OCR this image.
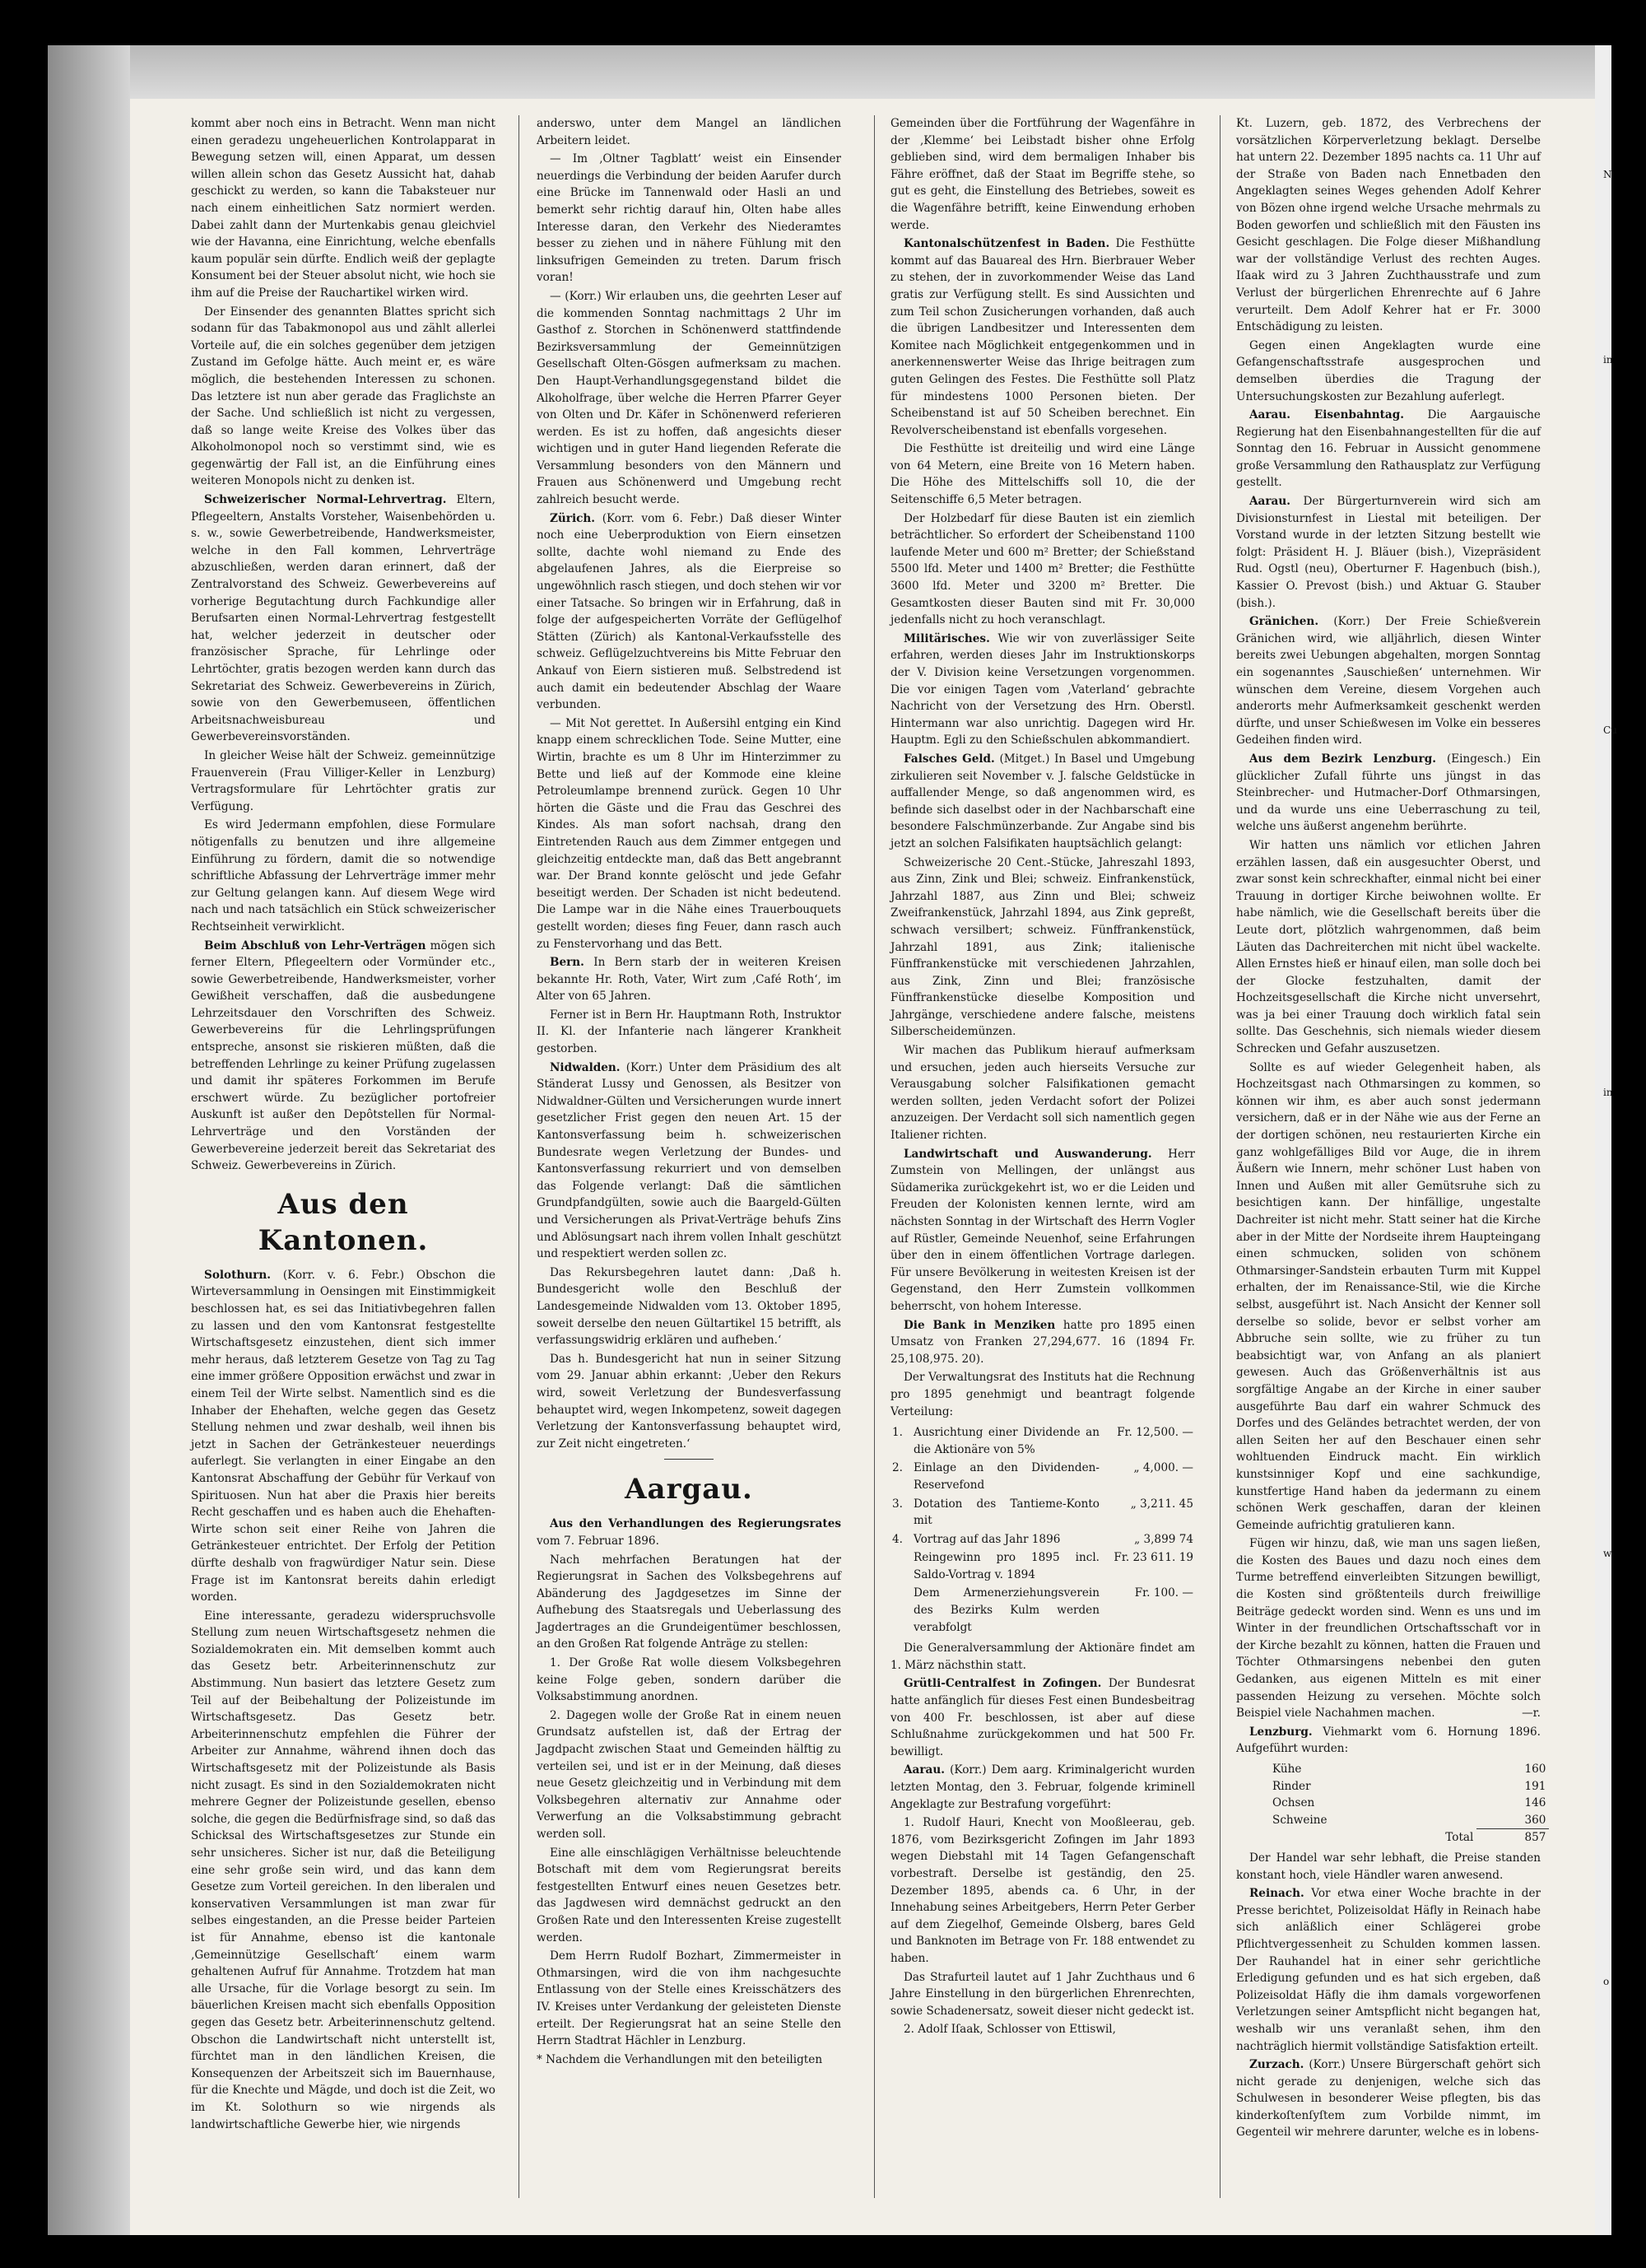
kommt aber noch eins in Betracht. Wenn man nicht einen geradezu ungeheuerlichen Kontrolapparat in Bewegung setzen will, einen Apparat, um dessen willen allein schon das Gesetz Aussicht hat, dahab geschickt zu werden, so kann die Tabaksteuer nur nach einem einheitlichen Satz normiert werden. Dabei zahlt dann der Murtenkabis genau gleichviel wie der Havanna, eine Einrichtung, welche ebenfalls kaum populär sein dürfte. Endlich weiß der geplagte Konsument bei der Steuer absolut nicht, wie hoch sie ihm auf die Preise der Rauchartikel wirken wird.

Der Einsender des genannten Blattes spricht sich sodann für das Tabakmonopol aus und zählt allerlei Vorteile auf, die ein solches gegenüber dem jetzigen Zustand im Gefolge hätte. Auch meint er, es wäre möglich, die bestehenden Interessen zu schonen. Das letztere ist nun aber gerade das Fraglichste an der Sache. Und schließlich ist nicht zu vergessen, daß so lange weite Kreise des Volkes über das Alkoholmonopol noch so verstimmt sind, wie es gegenwärtig der Fall ist, an die Einführung eines weiteren Monopols nicht zu denken ist.

Schweizerischer Normal-Lehrvertrag. Eltern, Pflegeeltern, Anstalts Vorsteher, Waisenbehörden u. s. w., sowie Gewerbetreibende, Handwerksmeister, welche in den Fall kommen, Lehrverträge abzuschließen, werden daran erinnert, daß der Zentralvorstand des Schweiz. Gewerbevereins auf vorherige Begutachtung durch Fachkundige aller Berufsarten einen Normal-Lehrvertrag festgestellt hat, welcher jederzeit in deutscher oder französischer Sprache, für Lehrlinge oder Lehrtöchter, gratis bezogen werden kann durch das Sekretariat des Schweiz. Gewerbevereins in Zürich, sowie von den Gewerbemuseen, öffentlichen Arbeitsnachweisbureau und Gewerbevereinsvorständen.

In gleicher Weise hält der Schweiz. gemeinnützige Frauenverein (Frau Villiger-Keller in Lenzburg) Vertragsformulare für Lehrtöchter gratis zur Verfügung.

Es wird Jedermann empfohlen, diese Formulare nötigenfalls zu benutzen und ihre allgemeine Einführung zu fördern, damit die so notwendige schriftliche Abfassung der Lehrverträge immer mehr zur Geltung gelangen kann. Auf diesem Wege wird nach und nach tatsächlich ein Stück schweizerischer Rechtseinheit verwirklicht.

Beim Abschluß von Lehr-Verträgen mögen sich ferner Eltern, Pflegeeltern oder Vormünder etc., sowie Gewerbetreibende, Handwerksmeister, vorher Gewißheit verschaffen, daß die ausbedungene Lehrzeitsdauer den Vorschriften des Schweiz. Gewerbevereins für die Lehrlingsprüfungen entspreche, ansonst sie riskieren müßten, daß die betreffenden Lehrlinge zu keiner Prüfung zugelassen und damit ihr späteres Forkommen im Berufe erschwert würde. Zu bezüglicher portofreier Auskunft ist außer den Depôtstellen für Normal-Lehrverträge und den Vorständen der Gewerbevereine jederzeit bereit das Sekretariat des Schweiz. Gewerbevereins in Zürich.

Aus den Kantonen.

Solothurn. (Korr. v. 6. Febr.) Obschon die Wirteversammlung in Oensingen mit Einstimmigkeit beschlossen hat, es sei das Initiativbegehren fallen zu lassen und den vom Kantonsrat festgestellte Wirtschaftsgesetz einzustehen, dient sich immer mehr heraus, daß letzterem Gesetze von Tag zu Tag eine immer größere Opposition erwächst und zwar in einem Teil der Wirte selbst. Namentlich sind es die Inhaber der Ehehaften, welche gegen das Gesetz Stellung nehmen und zwar deshalb, weil ihnen bis jetzt in Sachen der Getränkesteuer neuerdings auferlegt. Sie verlangten in einer Eingabe an den Kantonsrat Abschaffung der Gebühr für Verkauf von Spirituosen. Nun hat aber die Praxis hier bereits Recht geschaffen und es haben auch die Ehehaften-Wirte schon seit einer Reihe von Jahren die Getränkesteuer entrichtet. Der Erfolg der Petition dürfte deshalb von fragwürdiger Natur sein. Diese Frage ist im Kantonsrat bereits dahin erledigt worden.

Eine interessante, geradezu widerspruchsvolle Stellung zum neuen Wirtschaftsgesetz nehmen die Sozialdemokraten ein. Mit demselben kommt auch das Gesetz betr. Arbeiterinnenschutz zur Abstimmung. Nun basiert das letztere Gesetz zum Teil auf der Beibehaltung der Polizeistunde im Wirtschaftsgesetz. Das Gesetz betr. Arbeiterinnenschutz empfehlen die Führer der Arbeiter zur Annahme, während ihnen doch das Wirtschaftsgesetz mit der Polizeistunde als Basis nicht zusagt. Es sind in den Sozialdemokraten nicht mehrere Gegner der Polizeistunde gesellen, ebenso solche, die gegen die Bedürfnisfrage sind, so daß das Schicksal des Wirtschaftsgesetzes zur Stunde ein sehr unsicheres. Sicher ist nur, daß die Beteiligung eine sehr große sein wird, und das kann dem Gesetze zum Vorteil gereichen. In den liberalen und konservativen Versammlungen ist man zwar für selbes eingestanden, an die Presse beider Parteien ist für Annahme, ebenso ist die kantonale ‚Gemeinnützige Gesellschaft‘ einem warm gehaltenen Aufruf für Annahme. Trotzdem hat man alle Ursache, für die Vorlage besorgt zu sein. Im bäuerlichen Kreisen macht sich ebenfalls Opposition gegen das Gesetz betr. Arbeiterinnenschutz geltend. Obschon die Landwirtschaft nicht unterstellt ist, fürchtet man in den ländlichen Kreisen, die Konsequenzen der Arbeitszeit sich im Bauernhause, für die Knechte und Mägde, und doch ist die Zeit, wo im Kt. Solothurn so wie nirgends als landwirtschaftliche Gewerbe hier, wie nirgends

anderswo, unter dem Mangel an ländlichen Arbeitern leidet.

— Im ‚Oltner Tagblatt‘ weist ein Einsender neuerdings die Verbindung der beiden Aarufer durch eine Brücke im Tannenwald oder Hasli an und bemerkt sehr richtig darauf hin, Olten habe alles Interesse daran, den Verkehr des Niederamtes besser zu ziehen und in nähere Fühlung mit den linksufrigen Gemeinden zu treten. Darum frisch voran!

— (Korr.) Wir erlauben uns, die geehrten Leser auf die kommenden Sonntag nachmittags 2 Uhr im Gasthof z. Storchen in Schönenwerd stattfindende Bezirksversammlung der Gemeinnützigen Gesellschaft Olten-Gösgen aufmerksam zu machen. Den Haupt-Verhandlungsgegenstand bildet die Alkoholfrage, über welche die Herren Pfarrer Geyer von Olten und Dr. Käfer in Schönenwerd referieren werden. Es ist zu hoffen, daß angesichts dieser wichtigen und in guter Hand liegenden Referate die Versammlung besonders von den Männern und Frauen aus Schönenwerd und Umgebung recht zahlreich besucht werde.

Zürich. (Korr. vom 6. Febr.) Daß dieser Winter noch eine Ueberproduktion von Eiern einsetzen sollte, dachte wohl niemand zu Ende des abgelaufenen Jahres, als die Eierpreise so ungewöhnlich rasch stiegen, und doch stehen wir vor einer Tatsache. So bringen wir in Erfahrung, daß in folge der aufgespeicherten Vorräte der Geflügelhof Stätten (Zürich) als Kantonal-Verkaufsstelle des schweiz. Geflügelzuchtvereins bis Mitte Februar den Ankauf von Eiern sistieren muß. Selbstredend ist auch damit ein bedeutender Abschlag der Waare verbunden.

— Mit Not gerettet. In Außersihl entging ein Kind knapp einem schrecklichen Tode. Seine Mutter, eine Wirtin, brachte es um 8 Uhr im Hinterzimmer zu Bette und ließ auf der Kommode eine kleine Petroleumlampe brennend zurück. Gegen 10 Uhr hörten die Gäste und die Frau das Geschrei des Kindes. Als man sofort nachsah, drang den Eintretenden Rauch aus dem Zimmer entgegen und gleichzeitig entdeckte man, daß das Bett angebrannt war. Der Brand konnte gelöscht und jede Gefahr beseitigt werden. Der Schaden ist nicht bedeutend. Die Lampe war in die Nähe eines Trauerbouquets gestellt worden; dieses fing Feuer, dann rasch auch zu Fenstervorhang und das Bett.

Bern. In Bern starb der in weiteren Kreisen bekannte Hr. Roth, Vater, Wirt zum ‚Café Roth‘, im Alter von 65 Jahren.

Ferner ist in Bern Hr. Hauptmann Roth, Instruktor II. Kl. der Infanterie nach längerer Krankheit gestorben.

Nidwalden. (Korr.) Unter dem Präsidium des alt Ständerat Lussy und Genossen, als Besitzer von Nidwaldner-Gülten und Versicherungen wurde innert gesetzlicher Frist gegen den neuen Art. 15 der Kantonsverfassung beim h. schweizerischen Bundesrate wegen Verletzung der Bundes- und Kantonsverfassung rekurriert und von demselben das Folgende verlangt: Daß die sämtlichen Grundpfandgülten, sowie auch die Baargeld-Gülten und Versicherungen als Privat-Verträge behufs Zins und Ablösungsart nach ihrem vollen Inhalt geschützt und respektiert werden sollen zc.

Das Rekursbegehren lautet dann: ‚Daß h. Bundesgericht wolle den Beschluß der Landesgemeinde Nidwalden vom 13. Oktober 1895, soweit derselbe den neuen Gültartikel 15 betrifft, als verfassungswidrig erklären und aufheben.‘

Das h. Bundesgericht hat nun in seiner Sitzung vom 29. Januar abhin erkannt: ‚Ueber den Rekurs wird, soweit Verletzung der Bundesverfassung behauptet wird, wegen Inkompetenz, soweit dagegen Verletzung der Kantonsverfassung behauptet wird, zur Zeit nicht eingetreten.‘

Aargau.

Aus den Verhandlungen des Regierungsrates vom 7. Februar 1896.

Nach mehrfachen Beratungen hat der Regierungsrat in Sachen des Volksbegehrens auf Abänderung des Jagdgesetzes im Sinne der Aufhebung des Staatsregals und Ueberlassung des Jagdertrages an die Grundeigentümer beschlossen, an den Großen Rat folgende Anträge zu stellen:

1. Der Große Rat wolle diesem Volksbegehren keine Folge geben, sondern darüber die Volksabstimmung anordnen.

2. Dagegen wolle der Große Rat in einem neuen Grundsatz aufstellen ist, daß der Ertrag der Jagdpacht zwischen Staat und Gemeinden hälftig zu verteilen sei, und ist er in der Meinung, daß dieses neue Gesetz gleichzeitig und in Verbindung mit dem Volksbegehren alternativ zur Annahme oder Verwerfung an die Volksabstimmung gebracht werden soll.

Eine alle einschlägigen Verhältnisse beleuchtende Botschaft mit dem vom Regierungsrat bereits festgestellten Entwurf eines neuen Gesetzes betr. das Jagdwesen wird demnächst gedruckt an den Großen Rate und den Interessenten Kreise zugestellt werden.

Dem Herrn Rudolf Bozhart, Zimmermeister in Othmarsingen, wird die von ihm nachgesuchte Entlassung von der Stelle eines Kreisschätzers des IV. Kreises unter Verdankung der geleisteten Dienste erteilt. Der Regierungsrat hat an seine Stelle den Herrn Stadtrat Hächler in Lenzburg.

* Nachdem die Verhandlungen mit den beteiligten

Gemeinden über die Fortführung der Wagenfähre in der ‚Klemme‘ bei Leibstadt bisher ohne Erfolg geblieben sind, wird dem bermaligen Inhaber bis Fähre eröffnet, daß der Staat im Begriffe stehe, so gut es geht, die Einstellung des Betriebes, soweit es die Wagenfähre betrifft, keine Einwendung erhoben werde.

Kantonalschützenfest in Baden. Die Festhütte kommt auf das Bauareal des Hrn. Bierbrauer Weber zu stehen, der in zuvorkommender Weise das Land gratis zur Verfügung stellt. Es sind Aussichten und zum Teil schon Zusicherungen vorhanden, daß auch die übrigen Landbesitzer und Interessenten dem Komitee nach Möglichkeit entgegenkommen und in anerkennenswerter Weise das Ihrige beitragen zum guten Gelingen des Festes. Die Festhütte soll Platz für mindestens 1000 Personen bieten. Der Scheibenstand ist auf 50 Scheiben berechnet. Ein Revolverscheibenstand ist ebenfalls vorgesehen.

Die Festhütte ist dreiteilig und wird eine Länge von 64 Metern, eine Breite von 16 Metern haben. Die Höhe des Mittelschiffs soll 10, die der Seitenschiffe 6,5 Meter betragen.

Der Holzbedarf für diese Bauten ist ein ziemlich beträchtlicher. So erfordert der Scheibenstand 1100 laufende Meter und 600 m² Bretter; der Schießstand 5500 lfd. Meter und 1400 m² Bretter; die Festhütte 3600 lfd. Meter und 3200 m² Bretter. Die Gesamtkosten dieser Bauten sind mit Fr. 30,000 jedenfalls nicht zu hoch veranschlagt.

Militärisches. Wie wir von zuverlässiger Seite erfahren, werden dieses Jahr im Instruktionskorps der V. Division keine Versetzungen vorgenommen. Die vor einigen Tagen vom ‚Vaterland‘ gebrachte Nachricht von der Versetzung des Hrn. Oberstl. Hintermann war also unrichtig. Dagegen wird Hr. Hauptm. Egli zu den Schießschulen abkommandiert.

Falsches Geld. (Mitget.) In Basel und Umgebung zirkulieren seit November v. J. falsche Geldstücke in auffallender Menge, so daß angenommen wird, es befinde sich daselbst oder in der Nachbarschaft eine besondere Falschmünzerbande. Zur Angabe sind bis jetzt an solchen Falsifikaten hauptsächlich gelangt:

Schweizerische 20 Cent.-Stücke, Jahreszahl 1893, aus Zinn, Zink und Blei; schweiz. Einfrankenstück, Jahrzahl 1887, aus Zinn und Blei; schweiz Zweifrankenstück, Jahrzahl 1894, aus Zink gepreßt, schwach versilbert; schweiz. Fünffrankenstück, Jahrzahl 1891, aus Zink; italienische Fünffrankenstücke mit verschiedenen Jahrzahlen, aus Zink, Zinn und Blei; französische Fünffrankenstücke dieselbe Komposition und Jahrgänge, verschiedene andere falsche, meistens Silberscheidemünzen.

Wir machen das Publikum hierauf aufmerksam und ersuchen, jeden auch hierseits Versuche zur Verausgabung solcher Falsifikationen gemacht werden sollten, jeden Verdacht sofort der Polizei anzuzeigen. Der Verdacht soll sich namentlich gegen Italiener richten.

Landwirtschaft und Auswanderung. Herr Zumstein von Mellingen, der unlängst aus Südamerika zurückgekehrt ist, wo er die Leiden und Freuden der Kolonisten kennen lernte, wird am nächsten Sonntag in der Wirtschaft des Herrn Vogler auf Rüstler, Gemeinde Neuenhof, seine Erfahrungen über den in einem öffentlichen Vortrage darlegen. Für unsere Bevölkerung in weitesten Kreisen ist der Gegenstand, den Herr Zumstein vollkommen beherrscht, von hohem Interesse.

Die Bank in Menziken hatte pro 1895 einen Umsatz von Franken 27,294,677. 16 (1894 Fr. 25,108,975. 20).

Der Verwaltungsrat des Instituts hat die Rechnung pro 1895 genehmigt und beantragt folgende Verteilung:

1.	Ausrichtung einer Dividende an die Aktionäre von 5%	Fr. 12,500. —
2.	Einlage an den Dividenden-Reservefond	„ 4,000. —
3.	Dotation des Tantieme-Konto mit	„ 3,211. 45
4.	Vortrag auf das Jahr 1896	„ 3,899 74
	Reingewinn pro 1895 incl. Saldo-Vortrag v. 1894	Fr. 23 611. 19
	Dem Armenerziehungsverein des Bezirks Kulm werden verabfolgt	Fr. 100. —

Die Generalversammlung der Aktionäre findet am 1. März nächsthin statt.

Grütli-Centralfest in Zofingen. Der Bundesrat hatte anfänglich für dieses Fest einen Bundesbeitrag von 400 Fr. beschlossen, ist aber auf diese Schlußnahme zurückgekommen und hat 500 Fr. bewilligt.

Aarau. (Korr.) Dem aarg. Kriminalgericht wurden letzten Montag, den 3. Februar, folgende kriminell Angeklagte zur Bestrafung vorgeführt:

1. Rudolf Hauri, Knecht von Mooßleerau, geb. 1876, vom Bezirksgericht Zofingen im Jahr 1893 wegen Diebstahl mit 14 Tagen Gefangenschaft vorbestraft. Derselbe ist geständig, den 25. Dezember 1895, abends ca. 6 Uhr, in der Innehabung seines Arbeitgebers, Herrn Peter Gerber auf dem Ziegelhof, Gemeinde Olsberg, bares Geld und Banknoten im Betrage von Fr. 188 entwendet zu haben.

Das Strafurteil lautet auf 1 Jahr Zuchthaus und 6 Jahre Einstellung in den bürgerlichen Ehrenrechten, sowie Schadenersatz, soweit dieser nicht gedeckt ist.

2. Adolf Iſaak, Schlosser von Ettiswil,

Kt. Luzern, geb. 1872, des Verbrechens der vorsätzlichen Körperverletzung beklagt. Derselbe hat untern 22. Dezember 1895 nachts ca. 11 Uhr auf der Straße von Baden nach Ennetbaden den Angeklagten seines Weges gehenden Adolf Kehrer von Bözen ohne irgend welche Ursache mehrmals zu Boden geworfen und schließlich mit den Fäusten ins Gesicht geschlagen. Die Folge dieser Mißhandlung war der vollständige Verlust des rechten Auges. Iſaak wird zu 3 Jahren Zuchthausstrafe und zum Verlust der bürgerlichen Ehrenrechte auf 6 Jahre verurteilt. Dem Adolf Kehrer hat er Fr. 3000 Entschädigung zu leisten.

Gegen einen Angeklagten wurde eine Gefangenschaftsstrafe ausgesprochen und demselben überdies die Tragung der Untersuchungskosten zur Bezahlung auferlegt.

Aarau. Eisenbahntag. Die Aargauische Regierung hat den Eisenbahnangestellten für die auf Sonntag den 16. Februar in Aussicht genommene große Versammlung den Rathausplatz zur Verfügung gestellt.

Aarau. Der Bürgerturnverein wird sich am Divisionsturnfest in Liestal mit beteiligen. Der Vorstand wurde in der letzten Sitzung bestellt wie folgt: Präsident H. J. Bläuer (bish.), Vizepräsident Rud. Ogstl (neu), Oberturner F. Hagenbuch (bish.), Kassier O. Prevost (bish.) und Aktuar G. Stauber (bish.).

Gränichen. (Korr.) Der Freie Schießverein Gränichen wird, wie alljährlich, diesen Winter bereits zwei Uebungen abgehalten, morgen Sonntag ein sogenanntes ‚Sauschießen‘ unternehmen. Wir wünschen dem Vereine, diesem Vorgehen auch anderorts mehr Aufmerksamkeit geschenkt werden dürfte, und unser Schießwesen im Volke ein besseres Gedeihen finden wird.

Aus dem Bezirk Lenzburg. (Eingesch.) Ein glücklicher Zufall führte uns jüngst in das Steinbrecher- und Hutmacher-Dorf Othmarsingen, und da wurde uns eine Ueberraschung zu teil, welche uns äußerst angenehm berührte.

Wir hatten uns nämlich vor etlichen Jahren erzählen lassen, daß ein ausgesuchter Oberst, und zwar sonst kein schreckhafter, einmal nicht bei einer Trauung in dortiger Kirche beiwohnen wollte. Er habe nämlich, wie die Gesellschaft bereits über die Leute dort, plötzlich wahrgenommen, daß beim Läuten das Dachreiterchen mit nicht übel wackelte. Allen Ernstes hieß er hinauf eilen, man solle doch bei der Glocke festzuhalten, damit der Hochzeitsgesellschaft die Kirche nicht unversehrt, was ja bei einer Trauung doch wirklich fatal sein sollte. Das Geschehnis, sich niemals wieder diesem Schrecken und Gefahr auszusetzen.

Sollte es auf wieder Gelegenheit haben, als Hochzeitsgast nach Othmarsingen zu kommen, so können wir ihm, es aber auch sonst jedermann versichern, daß er in der Nähe wie aus der Ferne an der dortigen schönen, neu restaurierten Kirche ein ganz wohlgefälliges Bild vor Auge, die in ihrem Äußern wie Innern, mehr schöner Lust haben von Innen und Außen mit aller Gemütsruhe sich zu besichtigen kann. Der hinfällige, ungestalte Dachreiter ist nicht mehr. Statt seiner hat die Kirche aber in der Mitte der Nordseite ihrem Haupteingang einen schmucken, soliden von schönem Othmarsinger-Sandstein erbauten Turm mit Kuppel erhalten, der im Renaissance-Stil, wie die Kirche selbst, ausgeführt ist. Nach Ansicht der Kenner soll derselbe so solide, bevor er selbst vorher am Abbruche sein sollte, wie zu früher zu tun beabsichtigt war, von Anfang an als planiert gewesen. Auch das Größenverhältnis ist aus sorgfältige Angabe an der Kirche in einer sauber ausgeführte Bau darf ein wahrer Schmuck des Dorfes und des Geländes betrachtet werden, der von allen Seiten her auf den Beschauer einen sehr wohltuenden Eindruck macht. Ein wirklich kunstsinniger Kopf und eine sachkundige, kunstfertige Hand haben da jedermann zu einem schönen Werk geschaffen, daran der kleinen Gemeinde aufrichtig gratulieren kann.

Fügen wir hinzu, daß, wie man uns sagen ließen, die Kosten des Baues und dazu noch eines dem Turme betreffend einverleibten Sitzungen bewilligt, die Kosten sind größtenteils durch freiwillige Beiträge gedeckt worden sind. Wenn es uns und im Winter in der freundlichen Ortschaftsschaft vor in der Kirche bezahlt zu können, hatten die Frauen und Töchter Othmarsingens nebenbei den guten Gedanken, aus eigenen Mitteln es mit einer passenden Heizung zu versehen. Möchte solch Beispiel viele Nachahmen machen.	—r.

Lenzburg. Viehmarkt vom 6. Hornung 1896. Aufgeführt wurden:

Kühe	160
Rinder	191
Ochsen	146
Schweine	360
Total	857

Der Handel war sehr lebhaft, die Preise standen konstant hoch, viele Händler waren anwesend.

Reinach. Vor etwa einer Woche brachte in der Presse berichtet, Polizeisoldat Häfly in Reinach habe sich anläßlich einer Schlägerei grobe Pflichtvergessenheit zu Schulden kommen lassen. Der Rauhandel hat in einer sehr gerichtliche Erledigung gefunden und es hat sich ergeben, daß Polizeisoldat Häfly die ihm damals vorgeworfenen Verletzungen seiner Amtspflicht nicht begangen hat, weshalb wir uns veranlaßt sehen, ihm den nachträglich hiermit vollständige Satisfaktion erteilt.

Zurzach. (Korr.) Unsere Bürgerschaft gehört sich nicht gerade zu denjenigen, welche sich das Schulwesen in besonderer Weise pflegten, bis das kinderkoſtenſyſtem zum Vorbilde nimmt, im Gegenteil wir mehrere darunter, welche es in lobens-

N
in
Cu
in
w
o
